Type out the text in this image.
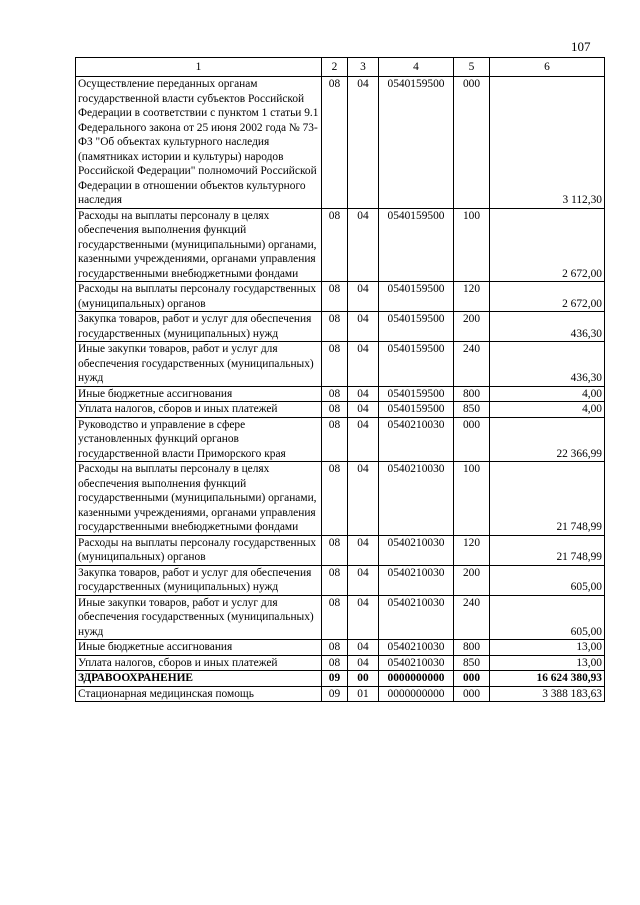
107
1	2	3	4	5	6
Осуществление переданных органам государственной власти субъектов Российской Федерации в соответствии с пунктом 1 статьи 9.1 Федерального закона от 25 июня 2002 года № 73-ФЗ "Об объектах культурного наследия (памятниках истории и культуры) народов Российской Федерации" полномочий Российской Федерации в отношении объектов культурного наследия	08	04	0540159500	000	3 112,30
Расходы на выплаты персоналу в целях обеспечения выполнения функций государственными (муниципальными) органами, казенными учреждениями, органами управления государственными внебюджетными фондами	08	04	0540159500	100	2 672,00
Расходы на выплаты персоналу государственных (муниципальных) органов	08	04	0540159500	120	2 672,00
Закупка товаров, работ и услуг для обеспечения государственных (муниципальных) нужд	08	04	0540159500	200	436,30
Иные закупки товаров, работ и услуг для обеспечения государственных (муниципальных) нужд	08	04	0540159500	240	436,30
Иные бюджетные ассигнования	08	04	0540159500	800	4,00
Уплата налогов, сборов и иных платежей	08	04	0540159500	850	4,00
Руководство и управление в сфере установленных функций органов государственной власти Приморского края	08	04	0540210030	000	22 366,99
Расходы на выплаты персоналу в целях обеспечения выполнения функций государственными (муниципальными) органами, казенными учреждениями, органами управления государственными внебюджетными фондами	08	04	0540210030	100	21 748,99
Расходы на выплаты персоналу государственных (муниципальных) органов	08	04	0540210030	120	21 748,99
Закупка товаров, работ и услуг для обеспечения государственных (муниципальных) нужд	08	04	0540210030	200	605,00
Иные закупки товаров, работ и услуг для обеспечения государственных (муниципальных) нужд	08	04	0540210030	240	605,00
Иные бюджетные ассигнования	08	04	0540210030	800	13,00
Уплата налогов, сборов и иных платежей	08	04	0540210030	850	13,00
ЗДРАВООХРАНЕНИЕ	09	00	0000000000	000	16 624 380,93
Стационарная медицинская помощь	09	01	0000000000	000	3 388 183,63
